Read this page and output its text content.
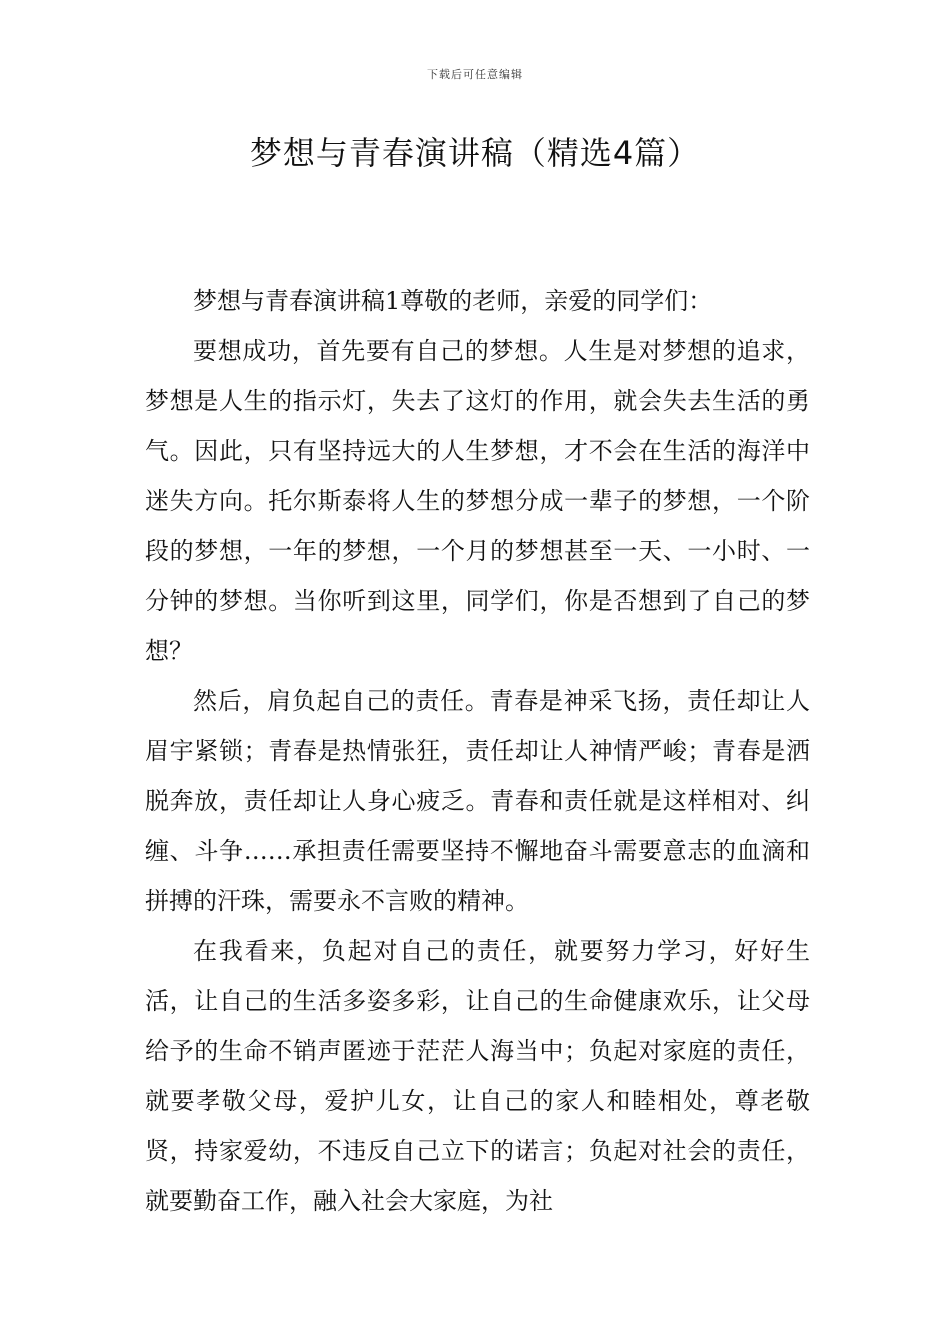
下载后可任意编辑
梦想与青春演讲稿（精选4篇）

梦想与青春演讲稿1尊敬的老师，亲爱的同学们：

要想成功，首先要有自己的梦想。人生是对梦想的追求，梦想是人生的指示灯，失去了这灯的作用，就会失去生活的勇气。因此，只有坚持远大的人生梦想，才不会在生活的海洋中迷失方向。托尔斯泰将人生的梦想分成一辈子的梦想，一个阶段的梦想，一年的梦想，一个月的梦想甚至一天、一小时、一分钟的梦想。当你听到这里，同学们，你是否想到了自己的梦想？

然后，肩负起自己的责任。青春是神采飞扬，责任却让人眉宇紧锁；青春是热情张狂，责任却让人神情严峻；青春是洒脱奔放，责任却让人身心疲乏。青春和责任就是这样相对、纠缠、斗争……承担责任需要坚持不懈地奋斗需要意志的血滴和拼搏的汗珠，需要永不言败的精神。

在我看来，负起对自己的责任，就要努力学习，好好生活，让自己的生活多姿多彩，让自己的生命健康欢乐，让父母给予的生命不销声匿迹于茫茫人海当中；负起对家庭的责任，就要孝敬父母，爱护儿女，让自己的家人和睦相处，尊老敬贤，持家爱幼，不违反自己立下的诺言；负起对社会的责任，就要勤奋工作，融入社会大家庭，为社
